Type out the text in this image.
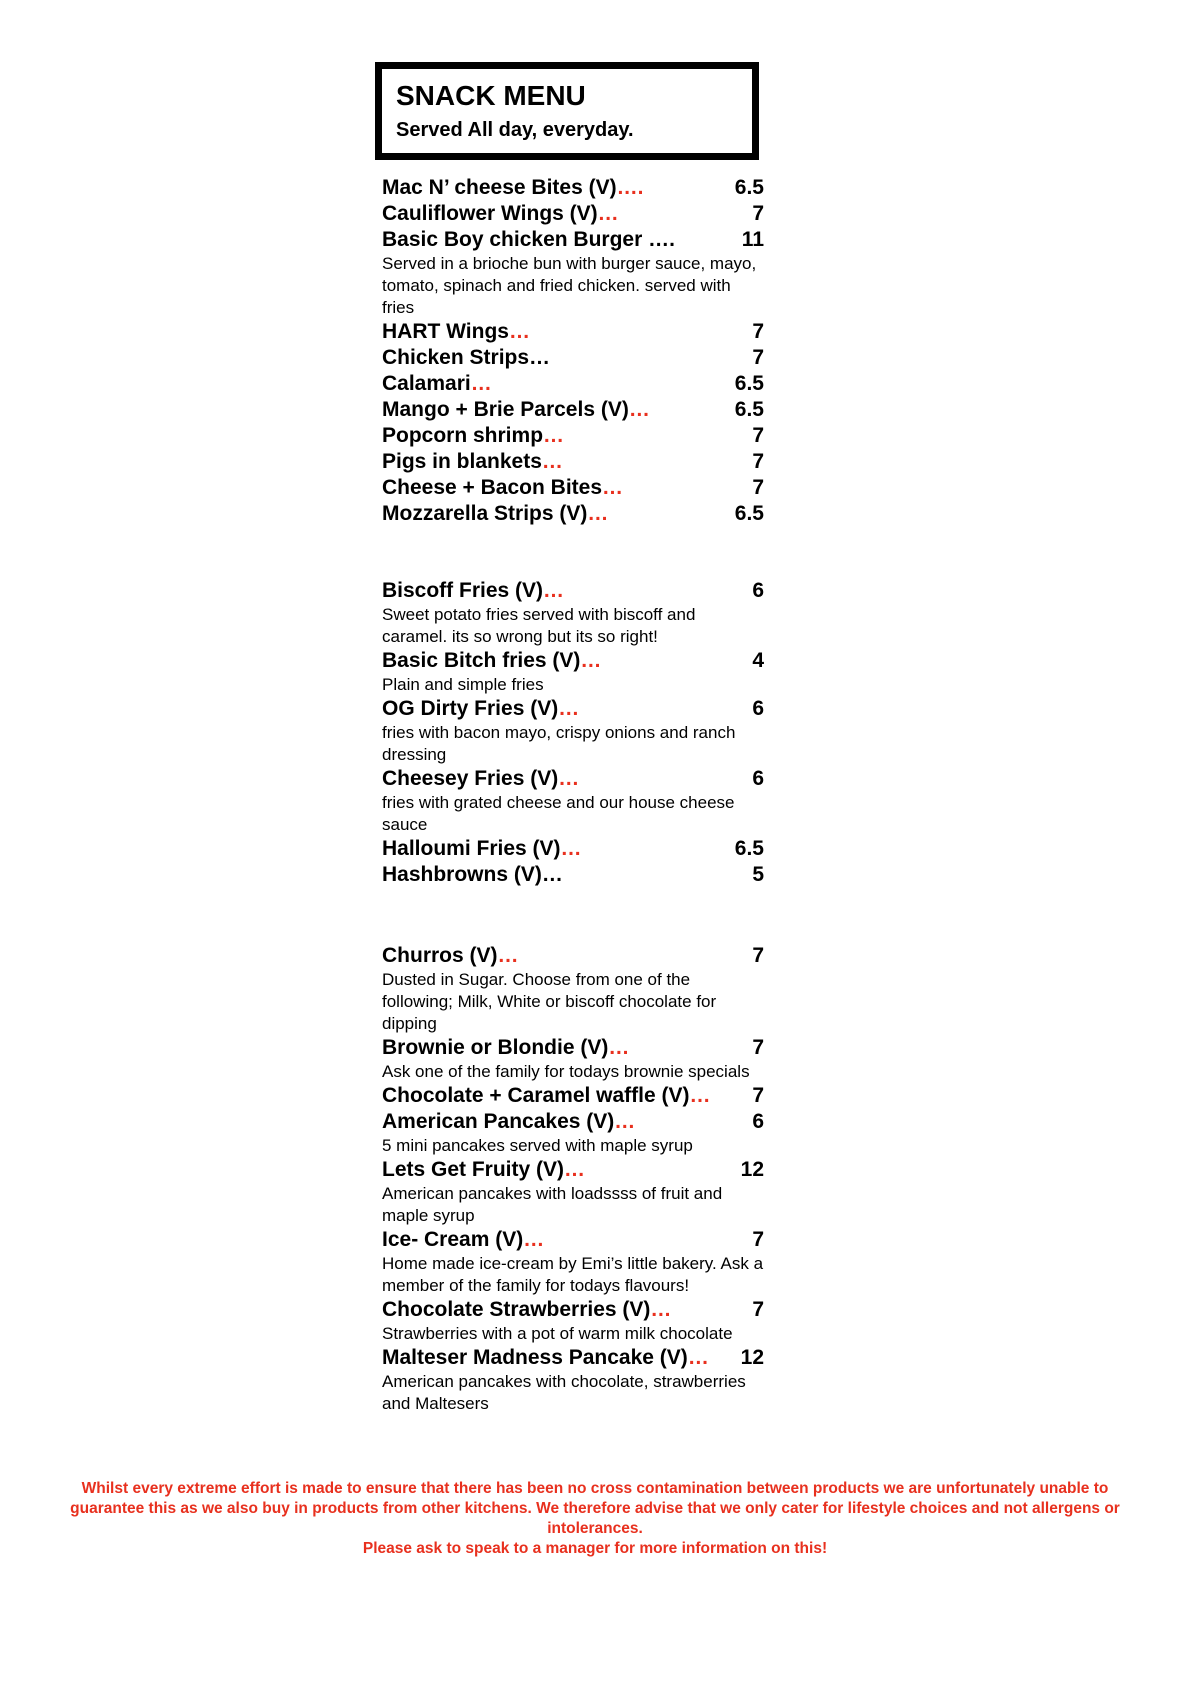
SNACK MENU
Served All day, everyday.
Mac N’ cheese Bites (V)….	6.5
Cauliflower Wings (V)…	7
Basic Boy chicken Burger ….	11
Served in a brioche bun with burger sauce, mayo, tomato, spinach and fried chicken. served with fries
HART Wings…	7
Chicken Strips…	7
Calamari…	6.5
Mango + Brie Parcels (V)…	6.5
Popcorn shrimp…	7
Pigs in blankets…	7
Cheese + Bacon Bites…	7
Mozzarella Strips (V)…	6.5
Biscoff Fries (V)…	6
Sweet potato fries served with biscoff and caramel. its so wrong but its so right!
Basic Bitch fries (V)…	4
Plain and simple fries
OG Dirty Fries (V)…	6
fries with bacon mayo, crispy onions and ranch dressing
Cheesey Fries (V)…	6
fries with grated cheese and our house cheese sauce
Halloumi Fries (V)…	6.5
Hashbrowns (V)…	5
Churros (V)…	7
Dusted in Sugar. Choose from one of the following; Milk, White or biscoff chocolate for dipping
Brownie or Blondie (V)…	7
Ask one of the family for todays brownie specials
Chocolate + Caramel waffle (V)…	7
American Pancakes (V)…	6
5 mini pancakes served with maple syrup
Lets Get Fruity (V)…	12
American pancakes with loadssss of fruit and maple syrup
Ice- Cream (V)…	7
Home made ice-cream by Emi’s little bakery. Ask a member of the family for todays flavours!
Chocolate Strawberries (V)…	7
Strawberries with a pot of warm milk chocolate
Malteser Madness Pancake (V)…	12
American pancakes with chocolate, strawberries and Maltesers

Whilst every extreme effort is made to ensure that there has been no cross contamination between products we are unfortunately unable to guarantee this as we also buy in products from other kitchens. We therefore advise that we only cater for lifestyle choices and not allergens or intolerances.

Please ask to speak to a manager for more information on this!
